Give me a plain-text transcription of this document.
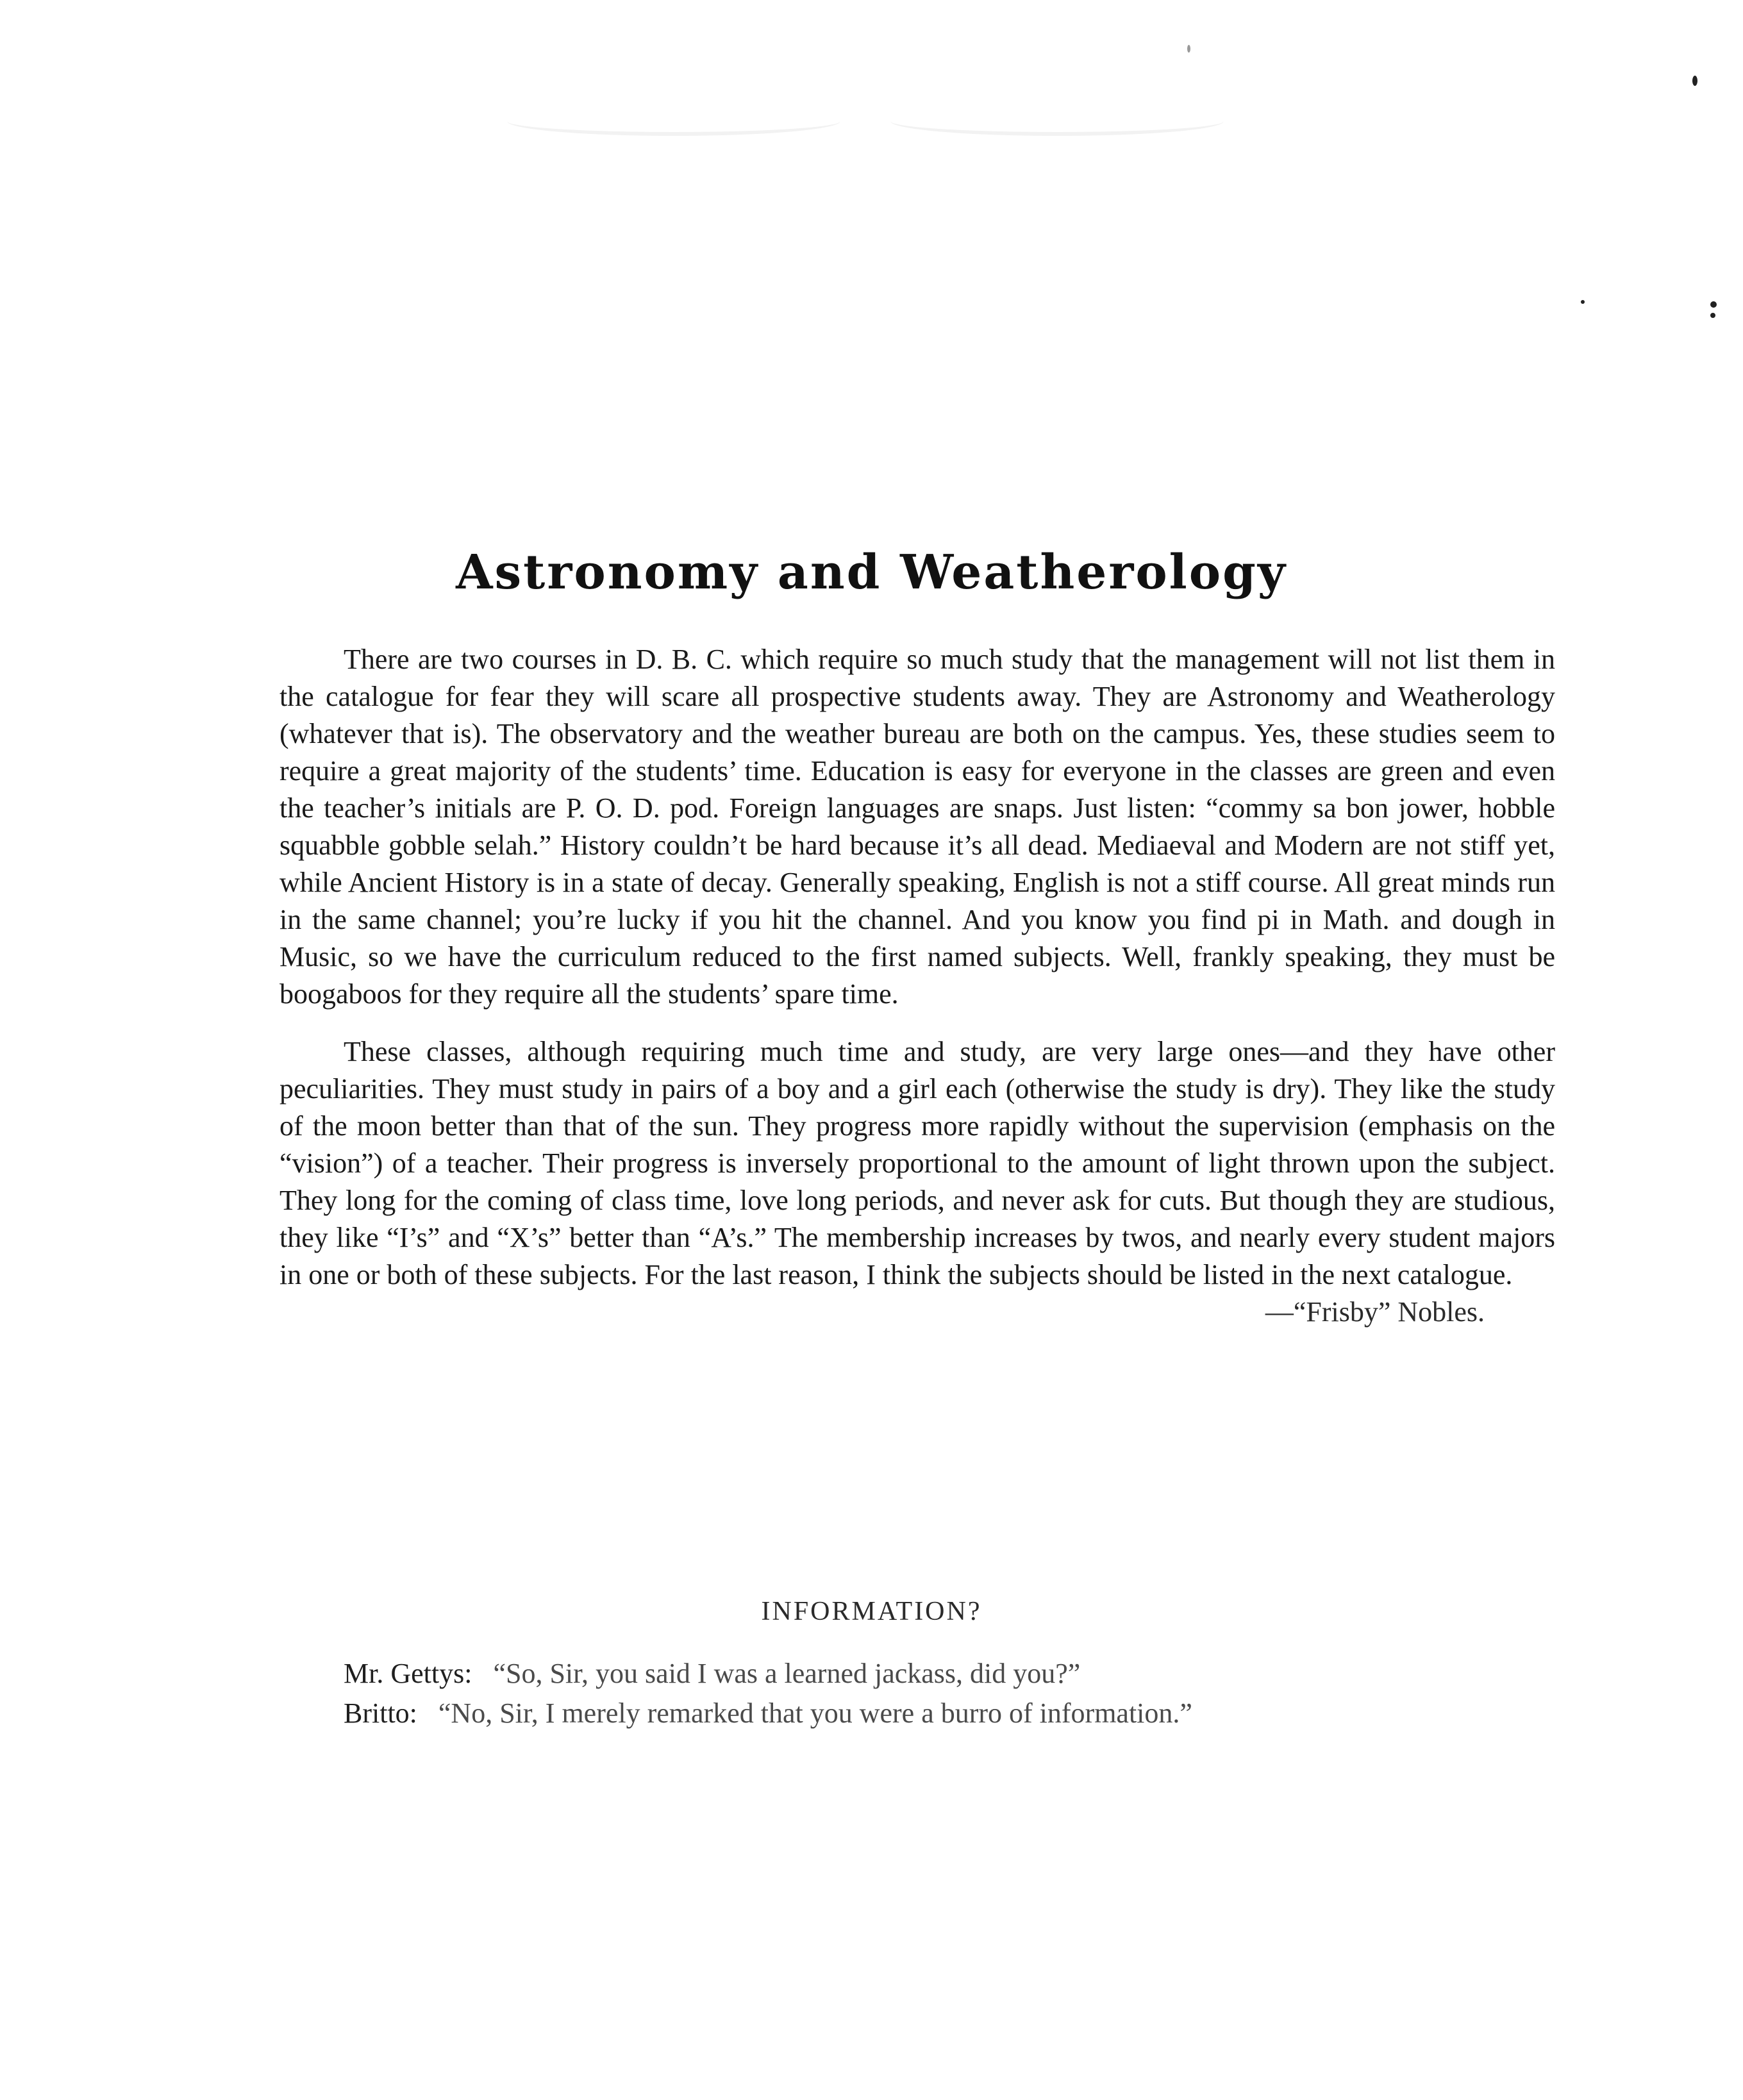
Astronomy and Weatherology

There are two courses in D. B. C. which require so much study that the management will not list them in the catalogue for fear they will scare all prospective students away. They are Astronomy and Weatherology (whatever that is). The observatory and the weather bureau are both on the campus. Yes, these studies seem to require a great majority of the students’ time. Education is easy for everyone in the classes are green and even the teacher’s initials are P. O. D. pod. Foreign languages are snaps. Just listen: “commy sa bon jower, hobble squabble gobble selah.” History couldn’t be hard because it’s all dead. Mediaeval and Modern are not stiff yet, while Ancient History is in a state of decay. Generally speaking, English is not a stiff course. All great minds run in the same channel; you’re lucky if you hit the channel. And you know you find pi in Math. and dough in Music, so we have the curriculum reduced to the first named subjects. Well, frankly speaking, they must be boogaboos for they require all the students’ spare time.

These classes, although requiring much time and study, are very large ones—and they have other peculiarities. They must study in pairs of a boy and a girl each (otherwise the study is dry). They like the study of the moon better than that of the sun. They progress more rapidly without the supervision (emphasis on the “vision”) of a teacher. Their progress is inversely proportional to the amount of light thrown upon the subject. They long for the coming of class time, love long periods, and never ask for cuts. But though they are studious, they like “I’s” and “X’s” better than “A’s.” The membership increases by twos, and nearly every student majors in one or both of these subjects. For the last reason, I think the subjects should be listed in the next catalogue.

—“Frisby” Nobles.

INFORMATION?
Mr. Gettys: “So, Sir, you said I was a learned jackass, did you?”
Britto: “No, Sir, I merely remarked that you were a burro of information.”
